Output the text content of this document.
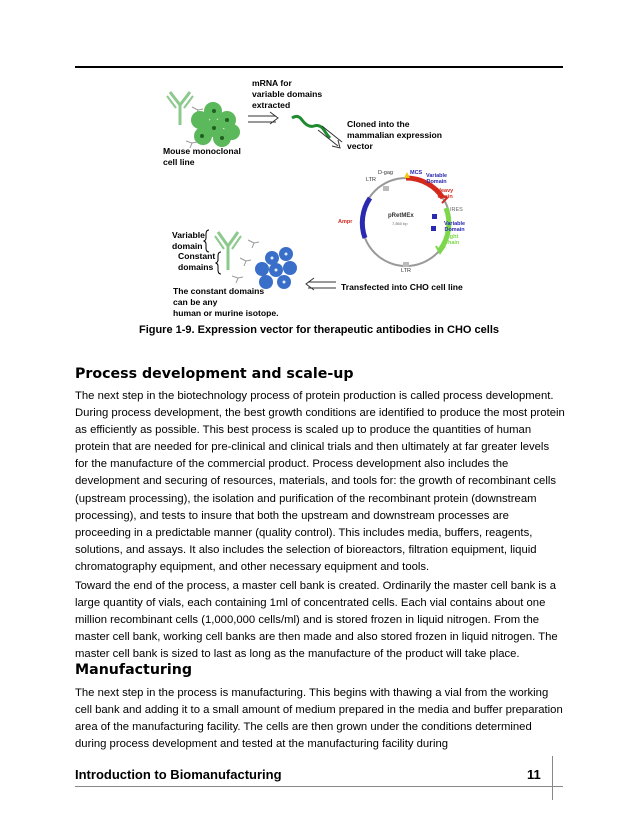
mRNA for
variable domains
extracted
Mouse monoclonal
cell line
Cloned into the
mammalian expression
vector
Variable
domain
Constant
domains
The constant domains
can be any
human or murine isotope.
Transfected into CHO cell line
pRetMEx
7,860 bp
LTR
LTR
D-gag	MCS Variable
Domain
Heavy
Chain
IRES
Variable
Domain
Light
Chain
Ampr
Figure 1-9. Expression vector for therapeutic antibodies in CHO cells
Process development and scale-up
The next step in the biotechnology process of protein production is called process development. During process development, the best growth conditions are identified to produce the most protein as efficiently as possible. This best process is scaled up to produce the quantities of human protein that are needed for pre-clinical and clinical trials and then ultimately at far greater levels for the manufacture of the commercial product. Process development also includes the development and securing of resources, materials, and tools for: the growth of recombinant cells (upstream processing), the isolation and purification of the recombinant protein (downstream processing), and tests to insure that both the upstream and downstream processes are proceeding in a predictable manner (quality control). This includes media, buffers, reagents, solutions, and assays. It also includes the selection of bioreactors, filtration equipment, liquid chromatography equipment, and other necessary equipment and tools.
Toward the end of the process, a master cell bank is created. Ordinarily the master cell bank is a large quantity of vials, each containing 1ml of concentrated cells. Each vial contains about one million recombinant cells (1,000,000 cells/ml) and is stored frozen in liquid nitrogen. From the master cell bank, working cell banks are then made and also stored frozen in liquid nitrogen. The master cell bank is sized to last as long as the manufacture of the product will take place.
Manufacturing
The next step in the process is manufacturing. This begins with thawing a vial from the working cell bank and adding it to a small amount of medium prepared in the media and buffer preparation area of the manufacturing facility. The cells are then grown under the conditions determined during process development and tested at the manufacturing facility during
Introduction to Biomanufacturing	11
